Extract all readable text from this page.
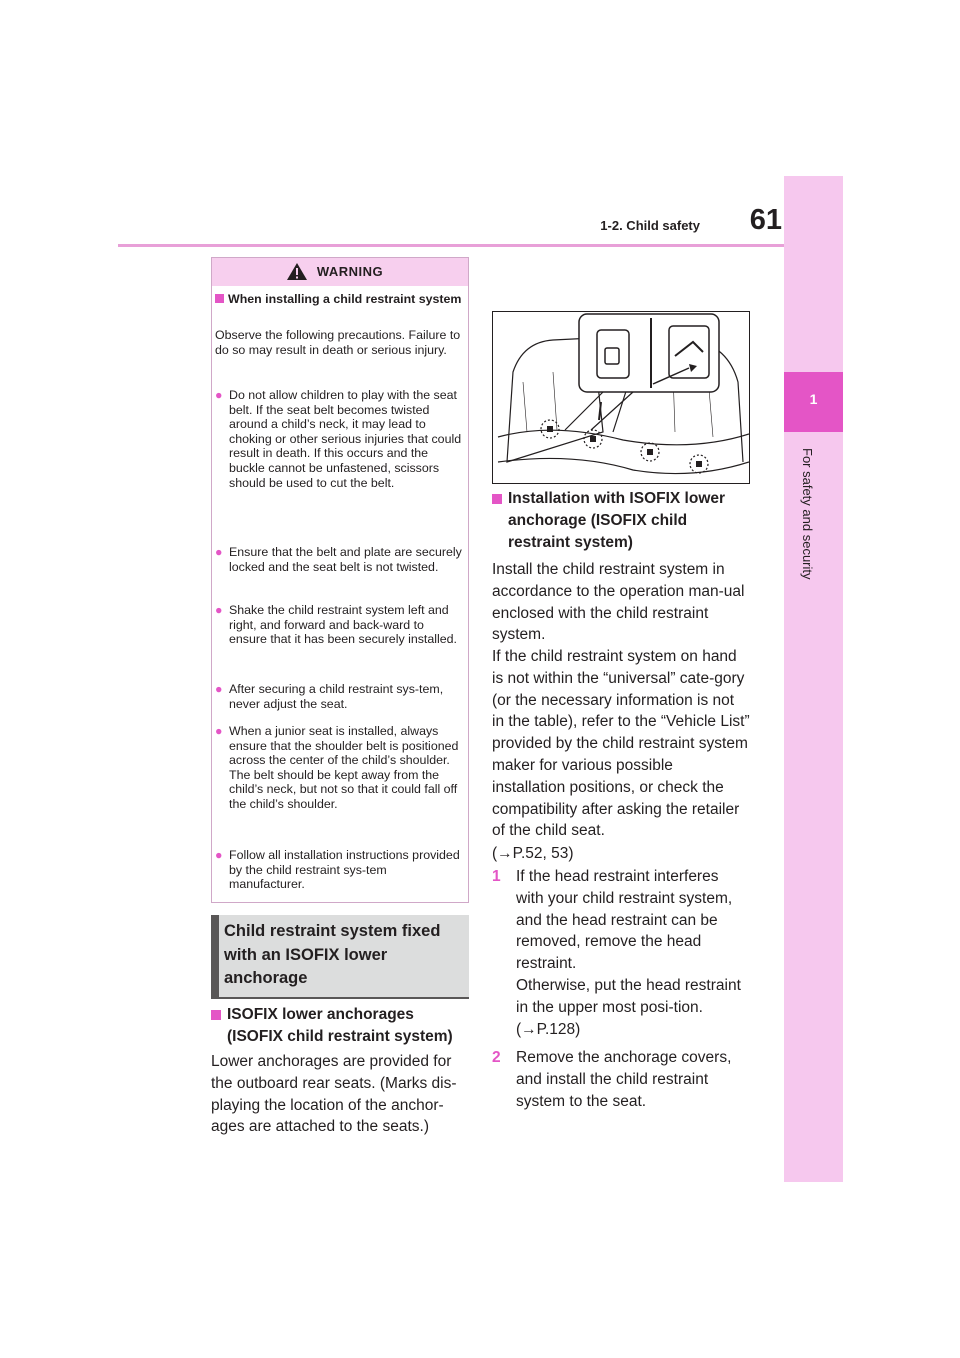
61
1-2. Child safety
1
For safety and security
WARNING
When installing a child restraint system
Observe the following precautions. Failure to do so may result in death or serious injury.
● Do not allow children to play with the seat belt. If the seat belt becomes twisted around a child’s neck, it may lead to choking or other serious injuries that could result in death. If this occurs and the buckle cannot be unfastened, scissors should be used to cut the belt.
● Ensure that the belt and plate are securely locked and the seat belt is not twisted.
● Shake the child restraint system left and right, and forward and back-ward to ensure that it has been securely installed.
● After securing a child restraint sys-tem, never adjust the seat.
● When a junior seat is installed, always ensure that the shoulder belt is positioned across the center of the child’s shoulder. The belt should be kept away from the child’s neck, but not so that it could fall off the child’s shoulder.
● Follow all installation instructions provided by the child restraint sys-tem manufacturer.
Child restraint system fixed with an ISOFIX lower anchorage
ISOFIX lower anchorages (ISOFIX child restraint system)
Lower anchorages are provided for the outboard rear seats. (Marks dis-playing the location of the anchor-ages are attached to the seats.)
Installation with ISOFIX lower anchorage (ISOFIX child restraint system)
Install the child restraint system in accordance to the operation man-ual enclosed with the child restraint system.
If the child restraint system on hand is not within the “universal” cate-gory (or the necessary information is not in the table), refer to the “Vehicle List” provided by the child restraint system maker for various possible installation positions, or check the compatibility after asking the retailer of the child seat.
(→P.52, 53)
1 If the head restraint interferes with your child restraint system, and the head restraint can be removed, remove the head restraint.
Otherwise, put the head restraint in the upper most posi-tion. (→P.128)
2 Remove the anchorage covers, and install the child restraint system to the seat.
